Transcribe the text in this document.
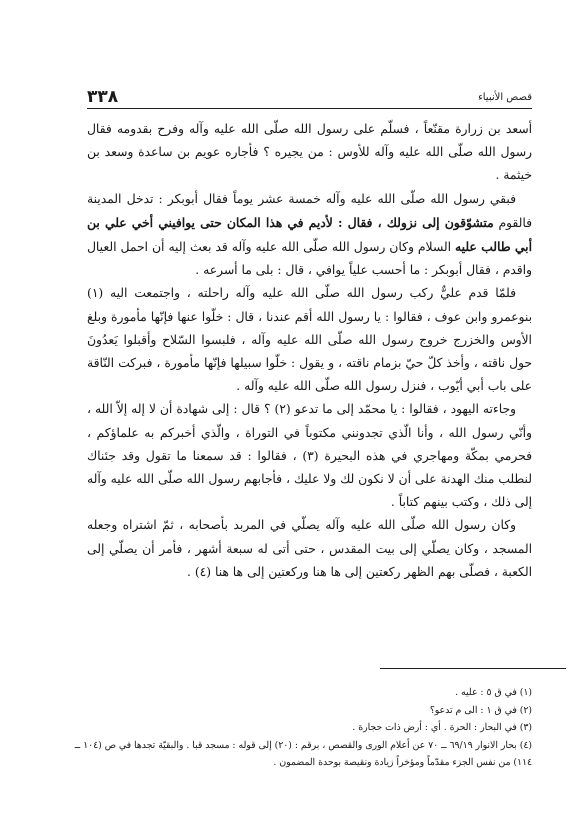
٣٣٨	قصص الأنبياء

أسعد بن زرارة مقنّعاً ، فسلّم على رسول الله صلّى الله عليه وآله وفرح بقدومه فقال رسول الله صلّى الله عليه وآله للأوس : من يجيره ؟ فأجاره عويم بن ساعدة وسعد بن خيثمة .

فبقي رسول الله صلّى الله عليه وآله خمسة عشر يوماً فقال أبوبكر : تدخل المدينة فالقوم متشوّقون إلى نزولك ، فقال : لأديم في هذا المكان حتى يوافيني أخي علي بن أبي طالب عليه السلام وكان رسول الله صلّى الله عليه وآله قد بعث إليه أن احمل العيال واقدم ، فقال أبوبكر : ما أحسب علياً يوافي ، قال : بلى ما أسرعه .

فلمّا قدم عليٌّ ركب رسول الله صلّى الله عليه وآله راحلته ، واجتمعت اليه (١) بنوعمرو وابن عوف ، فقالوا : يا رسول الله أقم عندنا ، قال : خلّوا عنها فإنّها مأمورة وبلغ الأوس والخزرج خروج رسول الله صلّى الله عليه وآله ، فلبسوا السّلاح وأقبلوا يَعدُونَ حول ناقته ، وأخذ كلّ حيّ بزمام ناقته ، و يقول : خلّوا سبيلها فإنّها مأمورة ، فبركت النّاقة على باب أبي أيّوب ، فنزل رسول الله صلّى الله عليه وآله .

وجاءته اليهود ، فقالوا : يا محمّد إلى ما تدعو (٢) ؟ قال : إلى شهادة أن لا إله إلاّ الله ، وأنّي رسول الله ، وأنا الّذي تجدونني مكتوباً في التوراة ، والّذي أخبركم به علماؤكم ، فحرمي بمكّة ومهاجري في هذه البحيرة (٣) ، فقالوا : قد سمعنا ما تقول وقد جئناك لنطلب منك الهدنة على أن لا نكون لك ولا عليك ، فأجابهم رسول الله صلّى الله عليه وآله إلى ذلك ، وكتب بينهم كتاباً .

وكان رسول الله صلّى الله عليه وآله يصلّي في المربد بأصحابه ، ثمّ اشتراه وجعله المسجد ، وكان يصلّي إلى بيت المقدس ، حتى أتى له سبعة أشهر ، فأمر أن يصلّي إلى الكعبة ، فصلّى بهم الظهر ركعتين إلى ها هنا وركعتين إلى ها هنا (٤) .

(١) في ق ٥ : عليه .

(٢) في ق ١ : الى م تدعو؟

(٣) في البحار : الحرة . أي : أرض ذات حجارة .

(٤) بحار الانوار ٦٩/١٩ ــ ٧٠ عن أعلام الورى والقصص ، برقم : (٢٠) إلى قوله : مسجد قبا . والبقيّة تجدها في ص (١٠٤ ــ ١١٤) من نفس الجزء مقدّماً ومؤخراً زيادة ونقيصة بوحدة المضمون .
